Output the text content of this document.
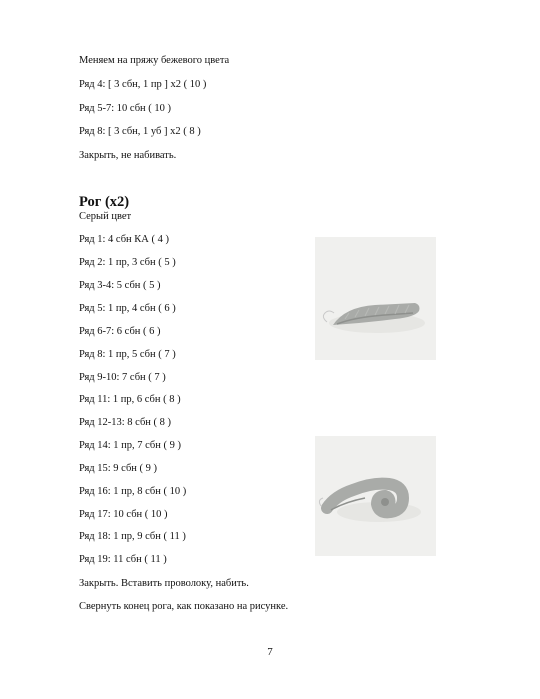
Меняем на пряжу бежевого цвета
Ряд 4: [ 3 сбн, 1 пр ] х2 ( 10 )
Ряд 5-7: 10 сбн ( 10 )
Ряд 8: [ 3 сбн, 1 уб ] х2 ( 8 )
Закрыть, не набивать.
Рог (х2)
Серый цвет
Ряд 1: 4 сбн КА ( 4 )
Ряд 2: 1 пр, 3 сбн ( 5 )
Ряд 3-4: 5 сбн ( 5 )
Ряд 5: 1 пр, 4 сбн ( 6 )
Ряд 6-7: 6 сбн ( 6 )
Ряд 8: 1 пр, 5 сбн ( 7 )
Ряд 9-10: 7 сбн ( 7 )
Ряд 11: 1 пр, 6 сбн ( 8 )
Ряд 12-13: 8 сбн ( 8 )
Ряд 14: 1 пр, 7 сбн ( 9 )
Ряд 15: 9 сбн ( 9 )
Ряд 16: 1 пр, 8 сбн ( 10 )
Ряд 17: 10 сбн ( 10 )
Ряд 18: 1 пр, 9 сбн ( 11 )
Ряд 19: 11 сбн ( 11 )
Закрыть. Вставить проволоку, набить.
Свернуть конец рога, как показано на рисунке.
7
